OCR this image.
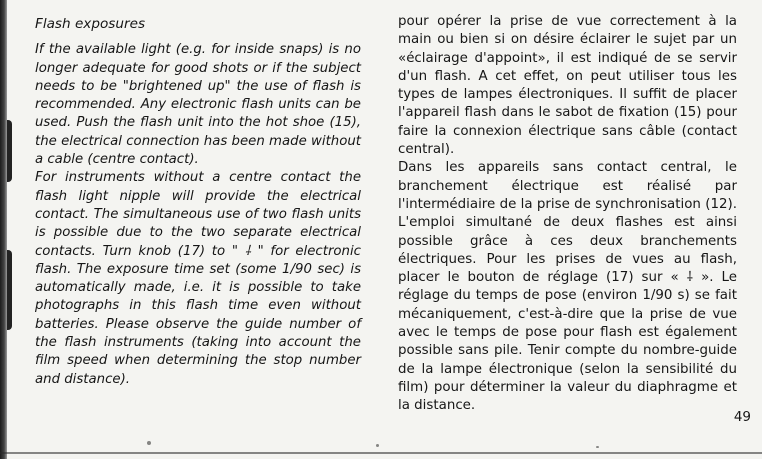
Flash exposures

If the available light (e.g. for inside snaps) is no longer adequate for good shots or if the subject needs to be "brightened up" the use of flash is recommended. Any electronic flash units can be used. Push the flash unit into the hot shoe (15), the electrical connection has been made without a cable (centre contact).

For instruments without a centre contact the flash light nipple will provide the electrical contact. The simultaneous use of two flash units is possible due to the two separate electrical contacts. Turn knob (17) to " ⸸ " for electronic flash. The exposure time set (some 1/90 sec) is automatically made, i.e. it is possible to take photographs in this flash time even without batteries. Please observe the guide number of the flash instruments (taking into account the film speed when determining the stop number and distance).

pour opérer la prise de vue correctement à la main ou bien si on désire éclairer le sujet par un «éclairage d'appoint», il est indiqué de se servir d'un flash. A cet effet, on peut utiliser tous les types de lampes électroniques. Il suffit de placer l'appareil flash dans le sabot de fixation (15) pour faire la connexion électrique sans câble (contact central).

Dans les appareils sans contact central, le branchement électrique est réalisé par l'intermédiaire de la prise de synchronisation (12). L'emploi simultané de deux flashes est ainsi possible grâce à ces deux branchements électriques. Pour les prises de vues au flash, placer le bouton de réglage (17) sur « ⸸ ». Le réglage du temps de pose (environ 1/90 s) se fait mécaniquement, c'est-à-dire que la prise de vue avec le temps de pose pour flash est également possible sans pile. Tenir compte du nombre-guide de la lampe électronique (selon la sensibilité du film) pour déterminer la valeur du diaphragme et la distance.

49
